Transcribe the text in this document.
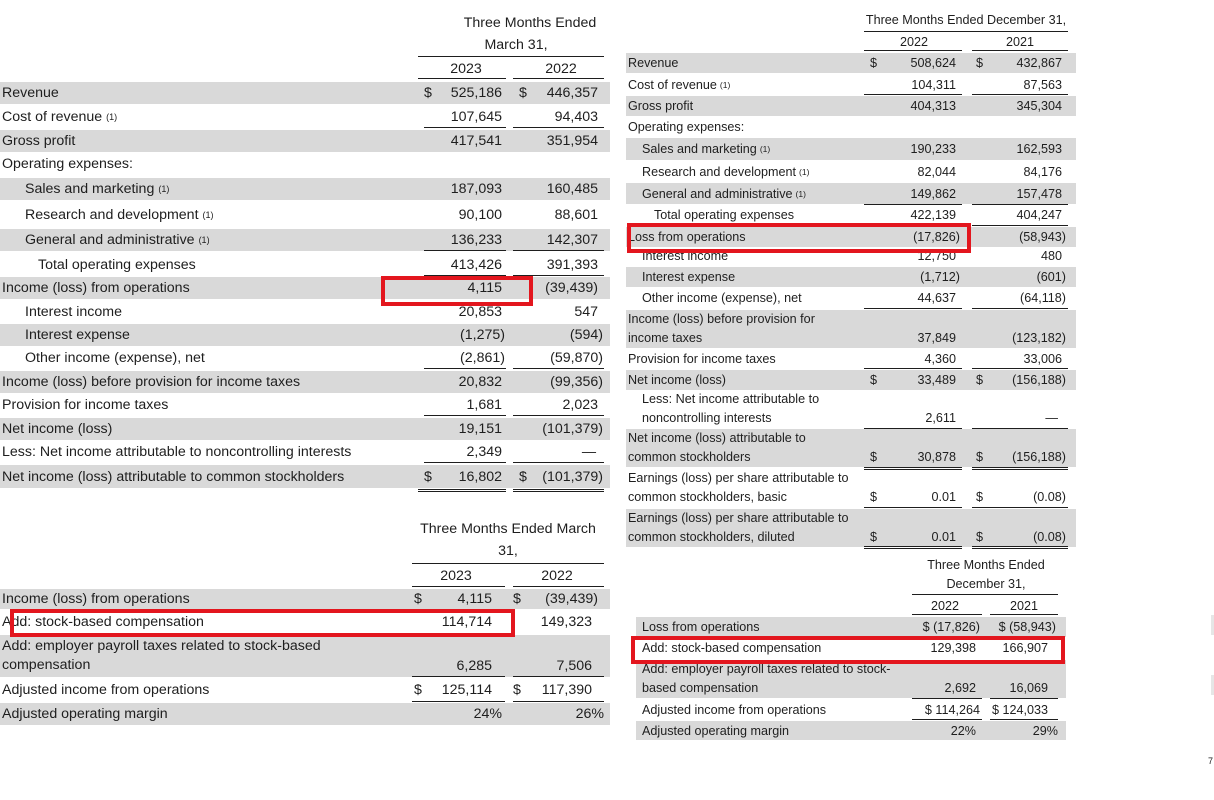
Three Months Ended
March 31,
2023	2022
Revenue	$	525,186 $	446,357
Cost of revenue (1)	107,645	94,403
Gross profit	417,541	351,954
Operating expenses:
Sales and marketing (1)	187,093	160,485
Research and development (1)	90,100	88,601
General and administrative (1)	136,233	142,307
Total operating expenses	413,426	391,393
Income (loss) from operations	4,115	(39,439)
Interest income	20,853	547
Interest expense	(1,275)	(594)
Other income (expense), net	(2,861)	(59,870)
Income (loss) before provision for income taxes	20,832	(99,356)
Provision for income taxes	1,681	2,023
Net income (loss)	19,151	(101,379)
Less: Net income attributable to noncontrolling interests	2,349	—
Net income (loss) attributable to common stockholders	$	16,802 $	(101,379)
Three Months Ended March
31,
2023	2022
Income (loss) from operations	$	4,115 $	(39,439)
Add: stock-based compensation	114,714	149,323
Add: employer payroll taxes related to stock-based compensation	6,285	7,506
Adjusted income from operations	$	125,114 $	117,390
Adjusted operating margin	24%	26%
Three Months Ended December 31,
2022	2021
Revenue	$	508,624 $	432,867
Cost of revenue (1)	104,311	87,563
Gross profit	404,313	345,304
Operating expenses:
Sales and marketing (1)	190,233	162,593
Research and development (1)	82,044	84,176
General and administrative (1)	149,862	157,478
Total operating expenses	422,139	404,247
Loss from operations	(17,826)	(58,943)
Interest income	12,750	480
Interest expense	(1,712)	(601)
Other income (expense), net	44,637	(64,118)
Income (loss) before provision for income taxes	37,849	(123,182)
Provision for income taxes	4,360	33,006
Net income (loss)	$	33,489 $	(156,188)
Less: Net income attributable to noncontrolling interests	2,611	—
Net income (loss) attributable to common stockholders	$	30,878 $	(156,188)
Earnings (loss) per share attributable to common stockholders, basic	$	0.01 $	(0.08)
Earnings (loss) per share attributable to common stockholders, diluted	$	0.01 $	(0.08)
Three Months Ended
December 31,
2022	2021
Loss from operations	$ (17,826)	$ (58,943)
Add: stock-based compensation	129,398	166,907
Add: employer payroll taxes related to stock-based compensation	2,692	16,069
Adjusted income from operations	$ 114,264 $ 124,033
Adjusted operating margin	22%	29%
7
